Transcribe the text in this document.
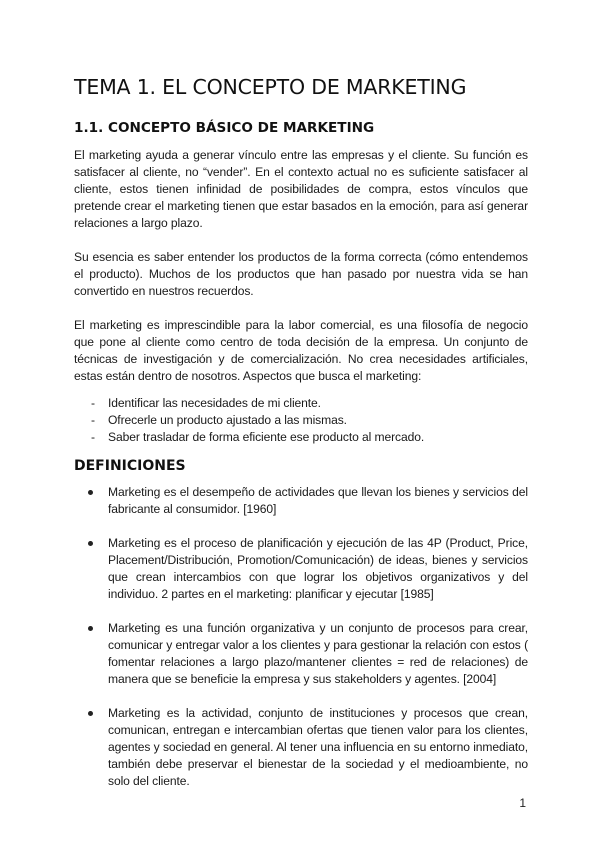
TEMA 1. EL CONCEPTO DE MARKETING
1.1. CONCEPTO BÁSICO DE MARKETING

El marketing ayuda a generar vínculo entre las empresas y el cliente. Su función es satisfacer al cliente, no “vender”. En el contexto actual no es suficiente satisfacer al cliente, estos tienen infinidad de posibilidades de compra, estos vínculos que pretende crear el marketing tienen que estar basados en la emoción, para así generar relaciones a largo plazo.

Su esencia es saber entender los productos de la forma correcta (cómo entendemos el producto). Muchos de los productos que han pasado por nuestra vida se han convertido en nuestros recuerdos.

El marketing es imprescindible para la labor comercial, es una filosofía de negocio que pone al cliente como centro de toda decisión de la empresa. Un conjunto de técnicas de investigación y de comercialización. No crea necesidades artificiales, estas están dentro de nosotros. Aspectos que busca el marketing:

- Identificar las necesidades de mi cliente.
- Ofrecerle un producto ajustado a las mismas.
- Saber trasladar de forma eficiente ese producto al mercado.
DEFINICIONES
Marketing es el desempeño de actividades que llevan los bienes y servicios del fabricante al consumidor. [1960]
Marketing es el proceso de planificación y ejecución de las 4P (Product, Price, Placement/Distribución, Promotion/Comunicación) de ideas, bienes y servicios que crean intercambios con que lograr los objetivos organizativos y del individuo. 2 partes en el marketing: planificar y ejecutar [1985]
Marketing es una función organizativa y un conjunto de procesos para crear, comunicar y entregar valor a los clientes y para gestionar la relación con estos ( fomentar relaciones a largo plazo/mantener clientes = red de relaciones) de manera que se beneficie la empresa y sus stakeholders y agentes. [2004]
Marketing es la actividad, conjunto de instituciones y procesos que crean, comunican, entregan e intercambian ofertas que tienen valor para los clientes, agentes y sociedad en general. Al tener una influencia en su entorno inmediato, también debe preservar el bienestar de la sociedad y el medioambiente, no solo del cliente.
1
